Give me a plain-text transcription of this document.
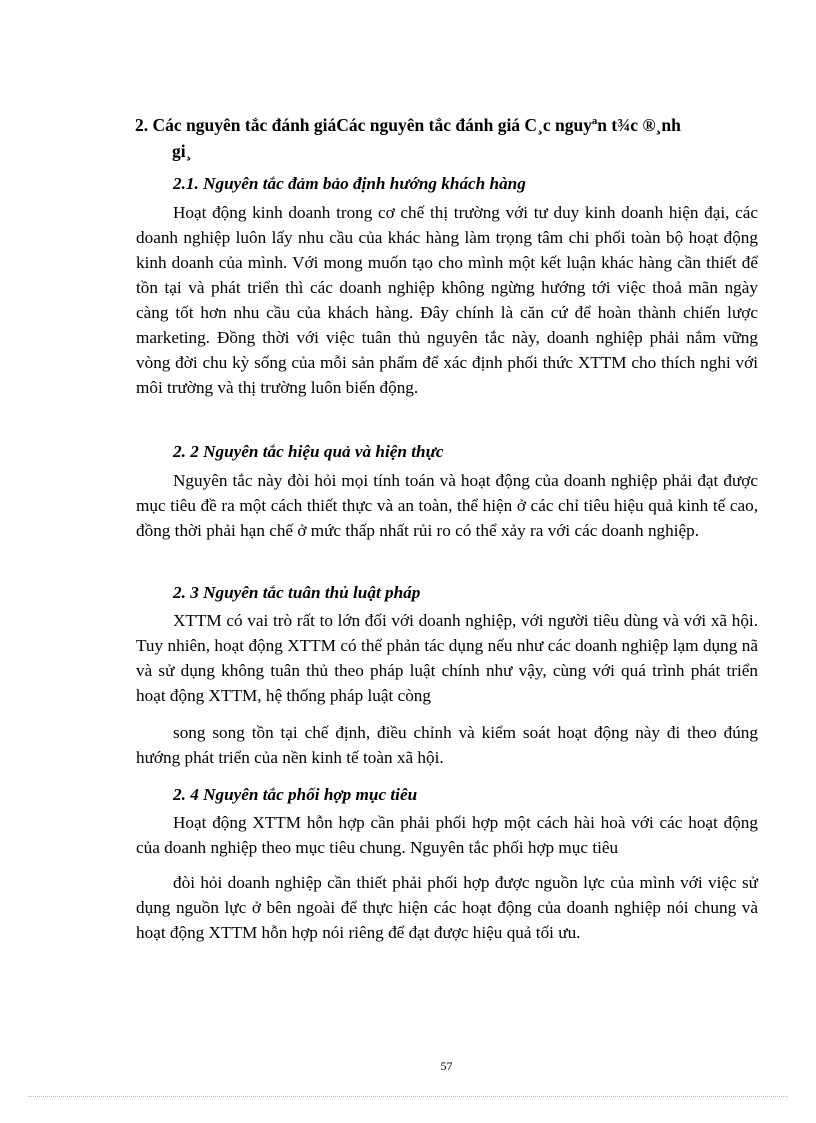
2. Các nguyên tắc đánh giáCác nguyên tắc đánh giá C¸c nguyªn t¾c ®¸nh
gi¸
2.1. Nguyên tắc đảm bảo định hướng khách hàng

Hoạt động kinh doanh trong cơ chế thị trường với tư duy kinh doanh hiện đại, các doanh nghiệp luôn lấy nhu cầu của khác hàng làm trọng tâm chi phối toàn bộ hoạt động kinh doanh của mình. Với mong muốn tạo cho mình một kết luận khác hàng cần thiết để tồn tại và phát triển thì các doanh nghiệp không ngừng hướng tới việc thoả mãn ngày càng tốt hơn nhu cầu của khách hàng. Đây chính là căn cứ để hoàn thành chiến lược marketing. Đồng thời với việc tuân thủ nguyên tắc này, doanh nghiệp phải nắm vững vòng đời chu kỳ sống của mỗi sản phẩm để xác định phối thức XTTM cho thích nghi với môi trường và thị trường luôn biến động.

2. 2 Nguyên tắc hiệu quả và hiện thực

Nguyên tắc này đòi hỏi mọi tính toán và hoạt động của doanh nghiệp phải đạt được mục tiêu đề ra một cách thiết thực và an toàn, thể hiện ở các chỉ tiêu hiệu quả kinh tế cao, đồng thời phải hạn chế ở mức thấp nhất rủi ro có thể xảy ra với các doanh nghiệp.

2. 3 Nguyên tắc tuân thủ luật pháp

XTTM có vai trò rất to lớn đối với doanh nghiệp, với người tiêu dùng và với xã hội. Tuy nhiên, hoạt động XTTM có thể phản tác dụng nếu như các doanh nghiệp lạm dụng nã và sử dụng không tuân thủ theo pháp luật chính như vậy, cùng với quá trình phát triển hoạt động XTTM, hệ thống pháp luật còng

song song tồn tại chế định, điều chỉnh và kiểm soát hoạt động này đi theo đúng hướng phát triển của nền kinh tế toàn xã hội.

2. 4 Nguyên tắc phối hợp mục tiêu

Hoạt động XTTM hỗn hợp cần phải phối hợp một cách hài hoà với các hoạt động của doanh nghiệp theo mục tiêu chung. Nguyên tắc phối hợp mục tiêu

đòi hỏi doanh nghiệp cần thiết phải phối hợp được nguồn lực của mình với việc sử dụng nguồn lực ở bên ngoài để thực hiện các hoạt động của doanh nghiệp nói chung và hoạt động XTTM hỗn hợp nói riêng để đạt được hiệu quả tối ưu.

57
